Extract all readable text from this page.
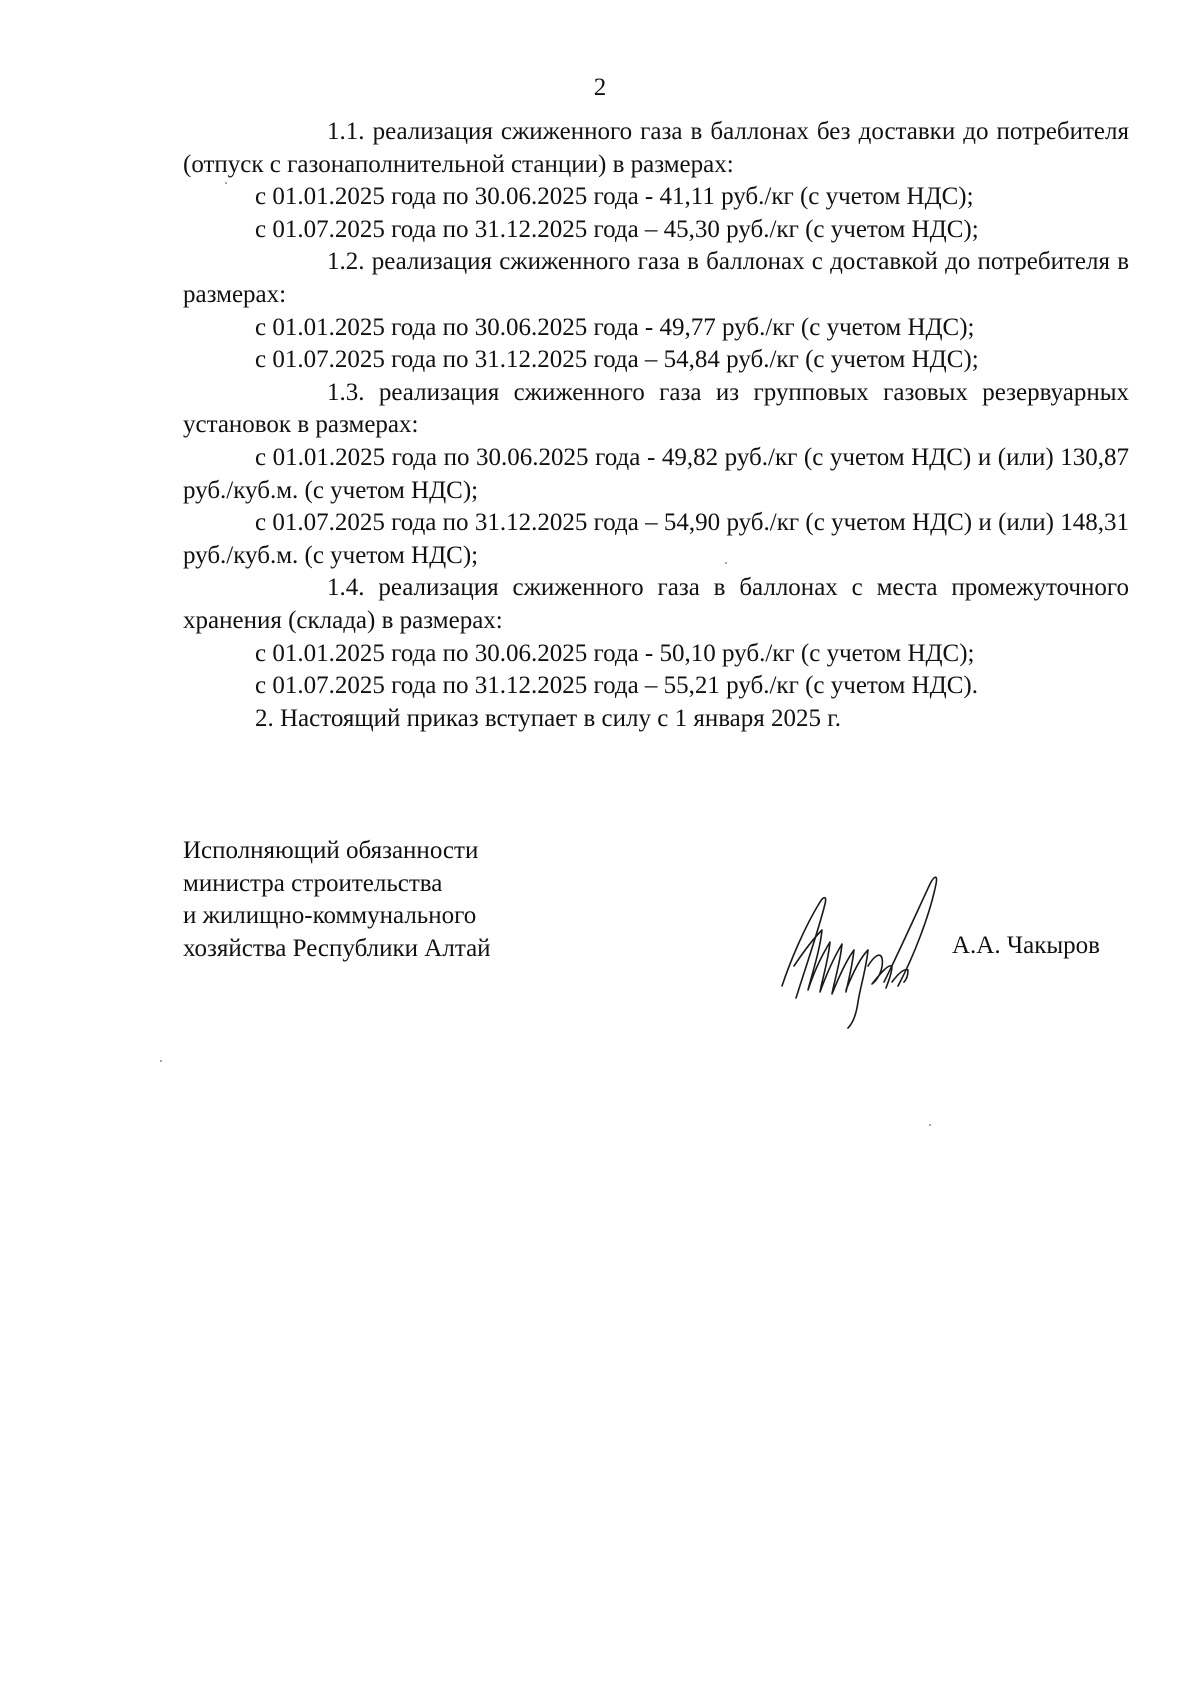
2

1.1. реализация сжиженного газа в баллонах без доставки до потребителя (отпуск с газонаполнительной станции) в размерах:

с 01.01.2025 года по 30.06.2025 года - 41,11 руб./кг (с учетом НДС);

с 01.07.2025 года по 31.12.2025 года – 45,30 руб./кг (с учетом НДС);

1.2. реализация сжиженного газа в баллонах с доставкой до потребителя в размерах:

с 01.01.2025 года по 30.06.2025 года - 49,77 руб./кг (с учетом НДС);

с 01.07.2025 года по 31.12.2025 года – 54,84 руб./кг (с учетом НДС);

1.3. реализация сжиженного газа из групповых газовых резервуарных установок в размерах:

с 01.01.2025 года по 30.06.2025 года - 49,82 руб./кг (с учетом НДС) и (или) 130,87 руб./куб.м. (с учетом НДС);

с 01.07.2025 года по 31.12.2025 года – 54,90 руб./кг (с учетом НДС) и (или) 148,31 руб./куб.м. (с учетом НДС);

1.4. реализация сжиженного газа в баллонах с места промежуточного хранения (склада) в размерах:

с 01.01.2025 года по 30.06.2025 года - 50,10 руб./кг (с учетом НДС);

с 01.07.2025 года по 31.12.2025 года – 55,21 руб./кг (с учетом НДС).

2. Настоящий приказ вступает в силу с 1 января 2025 г.

Исполняющий обязанности

министра строительства

и жилищно-коммунального

хозяйства Республики Алтай	А.А. Чакыров
